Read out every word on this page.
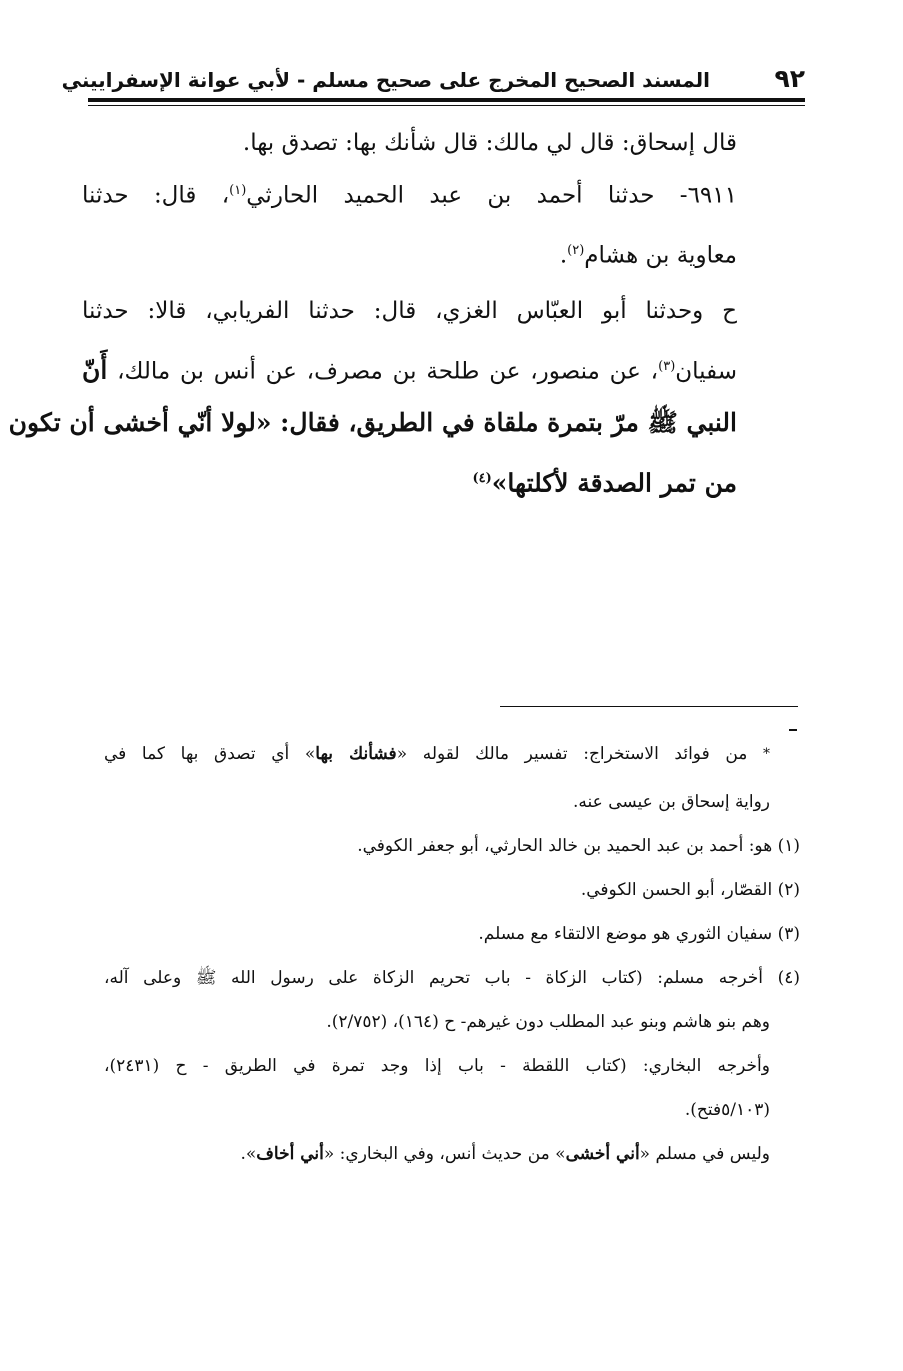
٩٢
المسند الصحيح المخرج على صحيح مسلم - لأبي عوانة الإسفراييني
قال إسحاق: قال لي مالك: قال شأنك بها: تصدق بها.
٦٩١١- حدثنا أحمد بن عبد الحميد الحارثي$^{(١)}$، قال: حدثنا
معاوية بن هشام$^{(٢)}$.
ح وحدثنا أبو العبّاس الغزي، قال: حدثنا الفريابي، قالا: حدثنا
سفيان$^{(٣)}$، عن منصور، عن طلحة بن مصرف، عن أنس بن مالك، أَنّ
النبي ﷺ مرّ بتمرة ملقاة في الطريق، فقال: «لولا أنّي أخشى أن تكون
من تمر الصدقة لأكلتها»$^{(٤)}$
* من فوائد الاستخراج: تفسير مالك لقوله «فشأنك بها» أي تصدق بها كما في
رواية إسحاق بن عيسى عنه.
(١) هو: أحمد بن عبد الحميد بن خالد الحارثي، أبو جعفر الكوفي.
(٢) القصّار، أبو الحسن الكوفي.
(٣) سفيان الثوري هو موضع الالتقاء مع مسلم.
(٤) أخرجه مسلم: (كتاب الزكاة - باب تحريم الزكاة على رسول الله ﷺ وعلى آله،
وهم بنو هاشم وبنو عبد المطلب دون غيرهم- ح (١٦٤)، (٢/٧٥٢).
وأخرجه البخاري: (كتاب اللقطة - باب إذا وجد تمرة في الطريق - ح (٢٤٣١)،
(٥/١٠٣فتح).
وليس في مسلم «أني أخشى» من حديث أنس، وفي البخاري: «أني أخاف».
